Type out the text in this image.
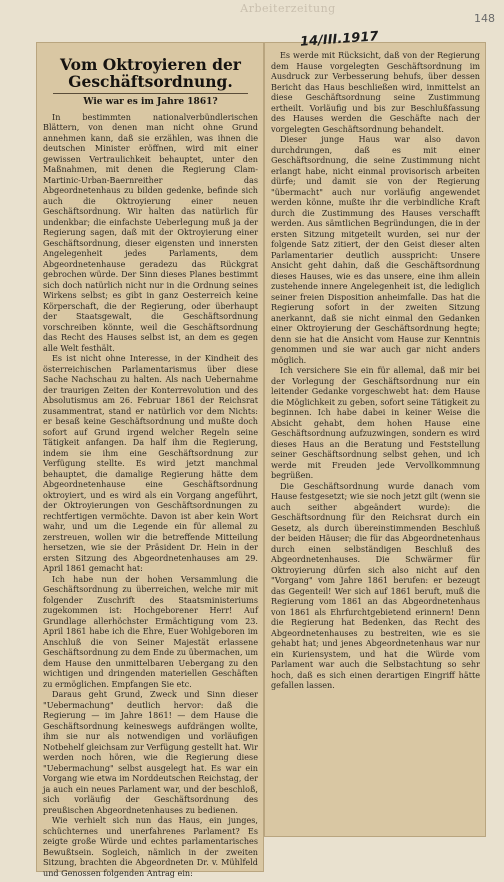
Arbeiterzeitung
148
Vom Oktroyieren der
Geschäftsordnung.
Wie war es im Jahre 1861?

In bestimmten nationalverbündlerischen Blättern, von denen man nicht ohne Grund annehmen kann, daß sie erzählen, was ihnen die deutschen Minister eröffnen, wird mit einer gewissen Vertraulichkeit behauptet, unter den Maßnahmen, mit denen die Regierung Clam-Martinic-Urban-Baernreither das Abgeordnetenhaus zu bilden gedenke, befinde sich auch die Oktroyierung einer neuen Geschäftsordnung. Wir halten das natürlich für undenkbar; die einfachste Ueberlegung muß ja der Regierung sagen, daß mit der Oktroyierung einer Geschäftsordnung, dieser eigensten und innersten Angelegenheit jedes Parlaments, dem Abgeordnetenhause geradezu das Rückgrat gebrochen würde. Der Sinn dieses Planes bestimmt sich doch natürlich nicht nur in die Ordnung seines Wirkens selbst; es gibt in ganz Oesterreich keine Körperschaft, die der Regierung, oder überhaupt der Staatsgewalt, die Geschäftsordnung vorschreiben könnte, weil die Geschäftsordnung das Recht des Hauses selbst ist, an dem es gegen alle Welt festhält.

Es ist nicht ohne Interesse, in der Kindheit des österreichischen Parlamentarismus über diese Sache Nachschau zu halten. Als nach Uebernahme der traurigen Zeiten der Konterrevolution und des Absolutismus am 26. Februar 1861 der Reichsrat zusammentrat, stand er natürlich vor dem Nichts: er besaß keine Geschäftsordnung und mußte doch sofort auf Grund irgend welcher Regeln seine Tätigkeit anfangen. Da half ihm die Regierung, indem sie ihm eine Geschäftsordnung zur Verfügung stellte. Es wird jetzt manchmal behauptet, die damalige Regierung hätte dem Abgeordnetenhause eine Geschäftsordnung oktroyiert, und es wird als ein Vorgang angeführt, der Oktroyierungen von Geschäftsordnungen zu rechtfertigen vermöchte. Davon ist aber kein Wort wahr, und um die Legende ein für allemal zu zerstreuen, wollen wir die betreffende Mitteilung hersetzen, wie sie der Präsident Dr. Hein in der ersten Sitzung des Abgeordnetenhauses am 29. April 1861 gemacht hat:

Ich habe nun der hohen Versammlung die Geschäftsordnung zu überreichen, welche mir mit folgender Zuschrift des Staatsministeriums zugekommen ist: Hochgeborener Herr! Auf Grundlage allerhöchster Ermächtigung vom 23. April 1861 habe ich die Ehre, Euer Wohlgeboren im Anschluß die von Seiner Majestät erlassene Geschäftsordnung zu dem Ende zu übermachen, um dem Hause den unmittelbaren Uebergang zu den wichtigen und dringenden materiellen Geschäften zu ermöglichen. Empfangen Sie etc.

Daraus geht Grund, Zweck und Sinn dieser "Uebermachung" deutlich hervor: daß die Regierung — im Jahre 1861! — dem Hause die Geschäftsordnung keineswegs aufdrängen wollte, ihm sie nur als notwendigen und vorläufigen Notbehelf gleichsam zur Verfügung gestellt hat. Wir werden noch hören, wie die Regierung diese "Uebermachung" selbst ausgelegt hat. Es war ein Vorgang wie etwa im Norddeutschen Reichstag, der ja auch ein neues Parlament war, und der beschloß, sich vorläufig der Geschäftsordnung des preußischen Abgeordnetenhauses zu bedienen.

Wie verhielt sich nun das Haus, ein junges, schüchternes und unerfahrenes Parlament? Es zeigte große Würde und echtes parlamentarisches Bewußtsein. Sogleich, nämlich in der zweiten Sitzung, brachten die Abgeordneten Dr. v. Mühlfeld und Genossen folgenden Antrag ein:

Es werde mit Rücksicht, daß von der Regierung dem Hause vorgelegten Geschäftsordnung im Ausdruck zur Verbesserung behufs, über dessen Bericht das Haus beschließen wird, inmittelst an diese Geschäftsordnung seine Zustimmung ertheilt. Vorläufig und bis zur Beschlußfassung des Hauses werden die Geschäfte nach der vorgelegten Geschäftsordnung behandelt.

Dieser junge Haus war also davon durchdrungen, daß es mit einer Geschäftsordnung, die seine Zustimmung nicht erlangt habe, nicht einmal provisorisch arbeiten dürfe; und damit sie von der Regierung "übermacht" auch nur vorläufig angewendet werden könne, mußte ihr die verbindliche Kraft durch die Zustimmung des Hauses verschafft werden. Aus sämtlichen Begründungen, die in der ersten Sitzung mitgeteilt wurden, sei nur der folgende Satz zitiert, der den Geist dieser alten Parlamentarier deutlich ausspricht: Unsere Ansicht geht dahin, daß die Geschäftsordnung dieses Hauses, wie es das unsere, eine ihm allein zustehende innere Angelegenheit ist, die lediglich seiner freien Disposition anheimfalle. Das hat die Regierung sofort in der zweiten Sitzung anerkannt, daß sie nicht einmal den Gedanken einer Oktroyierung der Geschäftsordnung hegte; denn sie hat die Ansicht vom Hause zur Kenntnis genommen und sie war auch gar nicht anders möglich.

Ich versichere Sie ein für allemal, daß mir bei der Vorlegung der Geschäftsordnung nur ein leitender Gedanke vorgeschwebt hat: dem Hause die Möglichkeit zu geben, sofort seine Tätigkeit zu beginnen. Ich habe dabei in keiner Weise die Absicht gehabt, dem hohen Hause eine Geschäftsordnung aufzuzwingen, sondern es wird dieses Haus an die Beratung und Feststellung seiner Geschäftsordnung selbst gehen, und ich werde mit Freuden jede Vervollkommnung begrüßen.

Die Geschäftsordnung wurde danach vom Hause festgesetzt; wie sie noch jetzt gilt (wenn sie auch seither abgeändert wurde): die Geschäftsordnung für den Reichsrat durch ein Gesetz, als durch übereinstimmenden Beschluß der beiden Häuser; die für das Abgeordnetenhaus durch einen selbständigen Beschluß des Abgeordnetenhauses. Die Schwärmer für Oktroyierung dürfen sich also nicht auf den "Vorgang" vom Jahre 1861 berufen: er bezeugt das Gegenteil! Wer sich auf 1861 beruft, muß die Regierung vom 1861 an das Abgeordnetenhaus von 1861 als Ehrfurchtgebietend erinnern! Denn die Regierung hat Bedenken, das Recht des Abgeordnetenhauses zu bestreiten, wie es sie gehabt hat; und jenes Abgeordnetenhaus war nur ein Kuriensystem, und hat die Würde vom Parlament war auch die Selbstachtung so sehr hoch, daß es sich einen derartigen Eingriff hätte gefallen lassen.

14/III.1917
